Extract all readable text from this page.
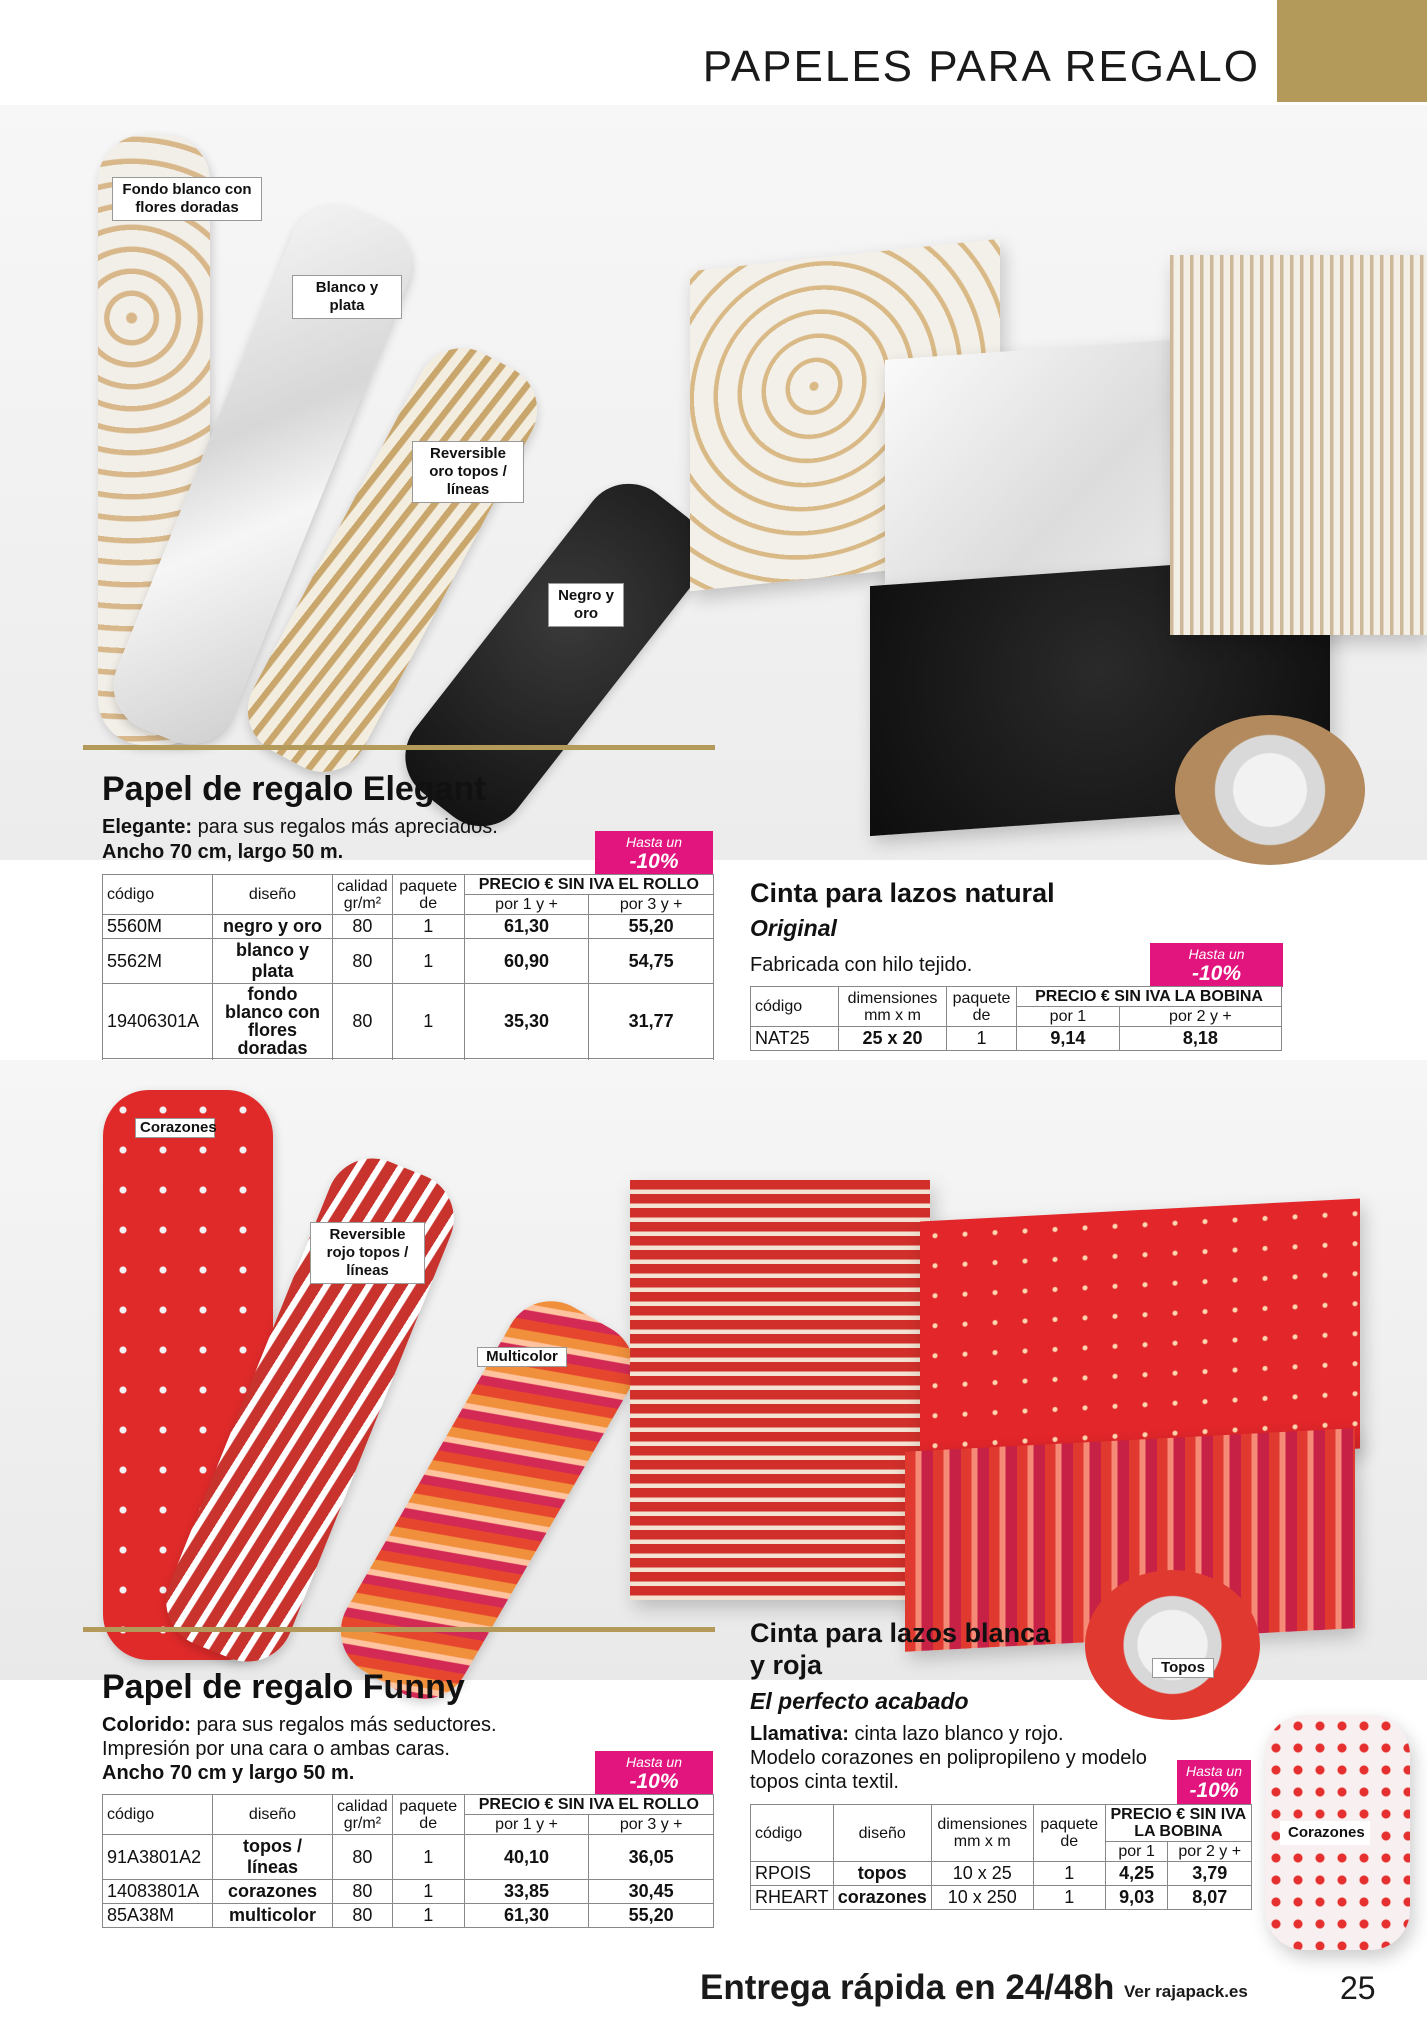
PAPELES PARA REGALO
Fondo blanco con flores doradas
Blanco y plata
Reversible oro topos / líneas
Negro y oro
Papel de regalo Elegant
Elegante: para sus regalos más apreciados.
Ancho 70 cm, largo 50 m.	Hasta un
-10%
código	diseño	calidad gr/m²	paquete de	PRECIO € SIN IVA EL ROLLO	
				por 1 y +	por 3 y +
5560M	negro y oro	80	1	61,30	55,20
5562M	blanco y plata	80	1	60,90	54,75
19406301A	fondo blanco con flores doradas	80	1	35,30	31,77

Cinta para lazos natural
Original
Fabricada con hilo tejido.	Hasta un
-10%
código	dimensiones mm x m	paquete de	PRECIO € SIN IVA LA BOBINA	
			por 1	por 2 y +
NAT25	25 x 20	1	9,14	8,18
Corazones
Reversible rojo topos / líneas
Multicolor
Topos
Corazones
Papel de regalo Funny
Colorido: para sus regalos más seductores.
Impresión por una cara o ambas caras.
Ancho 70 cm y largo 50 m.	Hasta un
-10%
código	diseño	calidad gr/m²	paquete de	PRECIO € SIN IVA EL ROLLO	
				por 1 y +	por 3 y +
91A3801A2	topos / líneas	80	1	40,10	36,05
14083801A	corazones	80	1	33,85	30,45
85A38M	multicolor	80	1	61,30	55,20
Cinta para lazos blanca
y roja
El perfecto acabado
Llamativa: cinta lazo blanco y rojo.
Modelo corazones en polipropileno y modelo
topos cinta textil.	Hasta un
-10%
código	diseño	dimensiones mm x m	paquete de	PRECIO € SIN IVA LA BOBINA	
				por 1	por 2 y +
RPOIS	topos	10 x 25	1	4,25	3,79
RHEART	corazones	10 x 250	1	9,03	8,07
Entrega rápida en 24/48h Ver rajapack.es	25
